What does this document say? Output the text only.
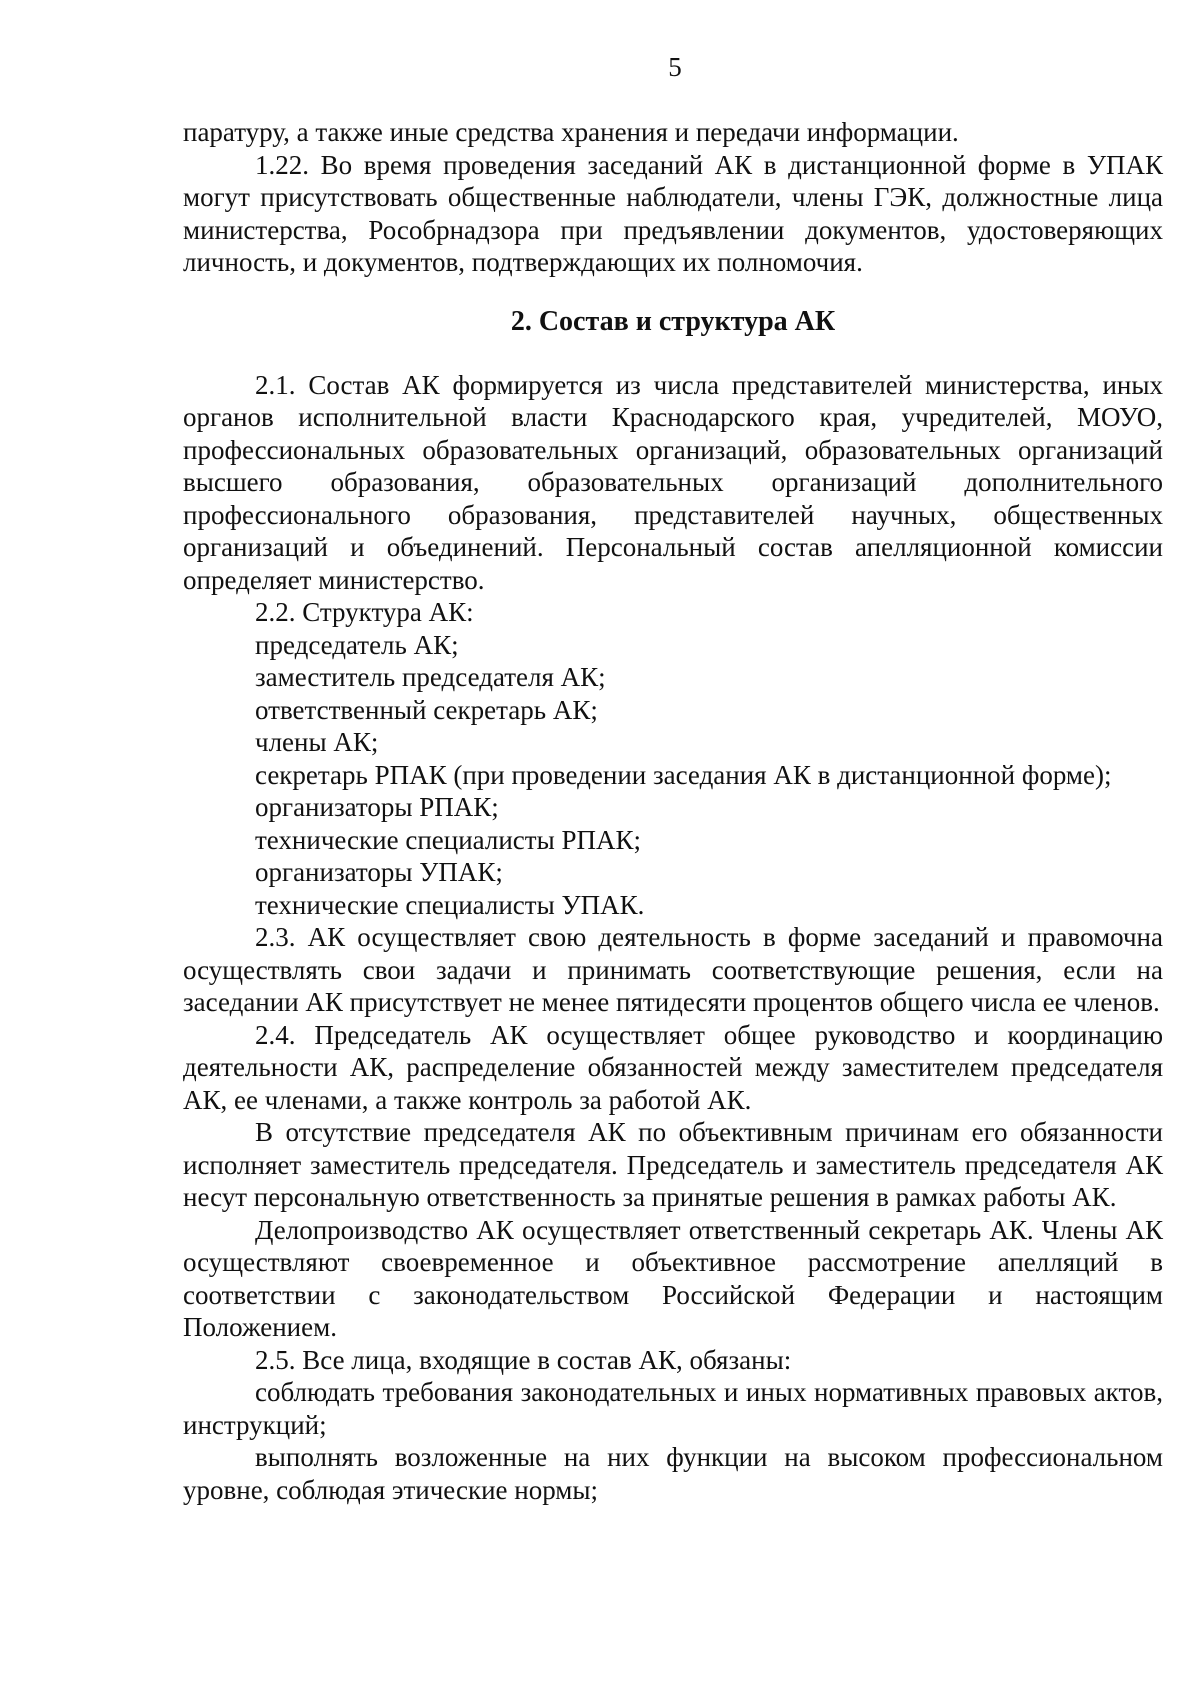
5

паратуру, а также иные средства хранения и передачи информации.

1.22. Во время проведения заседаний АК в дистанционной форме в УПАК могут присутствовать общественные наблюдатели, члены ГЭК, должностные лица министерства, Рособрнадзора при предъявлении документов, удостоверяющих личность, и документов, подтверждающих их полномочия.

2. Состав и структура АК

2.1. Состав АК формируется из числа представителей министерства, иных органов исполнительной власти Краснодарского края, учредителей, МОУО, профессиональных образовательных организаций, образовательных организаций высшего образования, образовательных организаций дополнительного профессионального образования, представителей научных, общественных организаций и объединений. Персональный состав апелляционной комиссии определяет министерство.

2.2. Структура АК:

председатель АК;

заместитель председателя АК;

ответственный секретарь АК;

члены АК;

секретарь РПАК (при проведении заседания АК в дистанционной форме);

организаторы РПАК;

технические специалисты РПАК;

организаторы УПАК;

технические специалисты УПАК.

2.3. АК осуществляет свою деятельность в форме заседаний и правомочна осуществлять свои задачи и принимать соответствующие решения, если на заседании АК присутствует не менее пятидесяти процентов общего числа ее членов.

2.4. Председатель АК осуществляет общее руководство и координацию деятельности АК, распределение обязанностей между заместителем председателя АК, ее членами, а также контроль за работой АК.

В отсутствие председателя АК по объективным причинам его обязанности исполняет заместитель председателя. Председатель и заместитель председателя АК несут персональную ответственность за принятые решения в рамках работы АК.

Делопроизводство АК осуществляет ответственный секретарь АК. Члены АК осуществляют своевременное и объективное рассмотрение апелляций в соответствии с законодательством Российской Федерации и настоящим Положением.

2.5. Все лица, входящие в состав АК, обязаны:

соблюдать требования законодательных и иных нормативных правовых актов, инструкций;

выполнять возложенные на них функции на высоком профессиональном уровне, соблюдая этические нормы;
